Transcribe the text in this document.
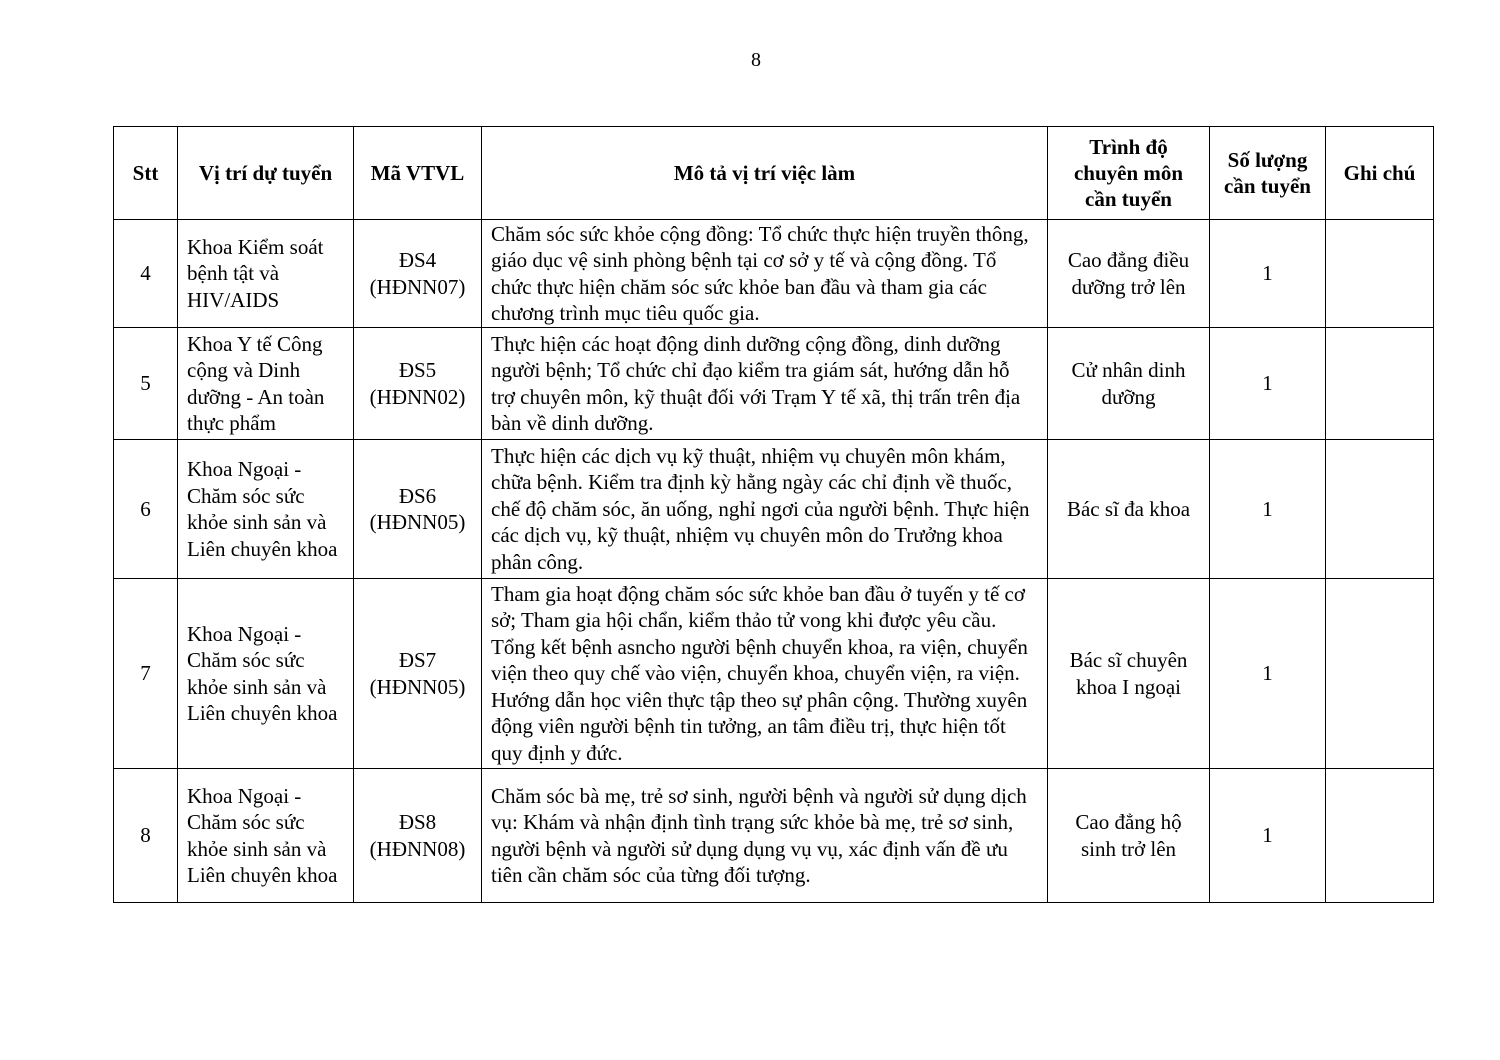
8
Stt	Vị trí dự tuyển	Mã VTVL	Mô tả vị trí việc làm	Trình độ chuyên môn cần tuyển	Số lượng cần tuyển	Ghi chú
4	Khoa Kiểm soát bệnh tật và HIV/AIDS	ĐS4 (HĐNN07)	Chăm sóc sức khỏe cộng đồng: Tổ chức thực hiện truyền thông, giáo dục vệ sinh phòng bệnh tại cơ sở y tế và cộng đồng. Tổ chức thực hiện chăm sóc sức khỏe ban đầu và tham gia các chương trình mục tiêu quốc gia.	Cao đẳng điều dưỡng trở lên	1	
5	Khoa Y tế Công cộng và Dinh dưỡng - An toàn thực phẩm	ĐS5 (HĐNN02)	Thực hiện các hoạt động dinh dưỡng cộng đồng, dinh dưỡng người bệnh; Tổ chức chỉ đạo kiểm tra giám sát, hướng dẫn hỗ trợ chuyên môn, kỹ thuật đối với Trạm Y tế xã, thị trấn trên địa bàn về dinh dưỡng.	Cử nhân dinh dưỡng	1	
6	Khoa Ngoại - Chăm sóc sức khỏe sinh sản và Liên chuyên khoa	ĐS6 (HĐNN05)	Thực hiện các dịch vụ kỹ thuật, nhiệm vụ chuyên môn khám, chữa bệnh. Kiểm tra định kỳ hằng ngày các chỉ định về thuốc, chế độ chăm sóc, ăn uống, nghỉ ngơi của người bệnh. Thực hiện các dịch vụ, kỹ thuật, nhiệm vụ chuyên môn do Trưởng khoa phân công.	Bác sĩ đa khoa	1	
7	Khoa Ngoại - Chăm sóc sức khỏe sinh sản và Liên chuyên khoa	ĐS7 (HĐNN05)	Tham gia hoạt động chăm sóc sức khỏe ban đầu ở tuyến y tế cơ sở; Tham gia hội chẩn, kiểm thảo tử vong khi được yêu cầu. Tổng kết bệnh asncho người bệnh chuyển khoa, ra viện, chuyển viện theo quy chế vào viện, chuyển khoa, chuyển viện, ra viện. Hướng dẫn học viên thực tập theo sự phân cộng. Thường xuyên động viên người bệnh tin tưởng, an tâm điều trị, thực hiện tốt quy định y đức.	Bác sĩ chuyên khoa I ngoại	1	
8	Khoa Ngoại - Chăm sóc sức khỏe sinh sản và Liên chuyên khoa	ĐS8 (HĐNN08)	Chăm sóc bà mẹ, trẻ sơ sinh, người bệnh và người sử dụng dịch vụ: Khám và nhận định tình trạng sức khỏe bà mẹ, trẻ sơ sinh, người bệnh và người sử dụng dụng vụ vụ, xác định vấn đề ưu tiên cần chăm sóc của từng đối tượng.	Cao đẳng hộ sinh trở lên	1	
